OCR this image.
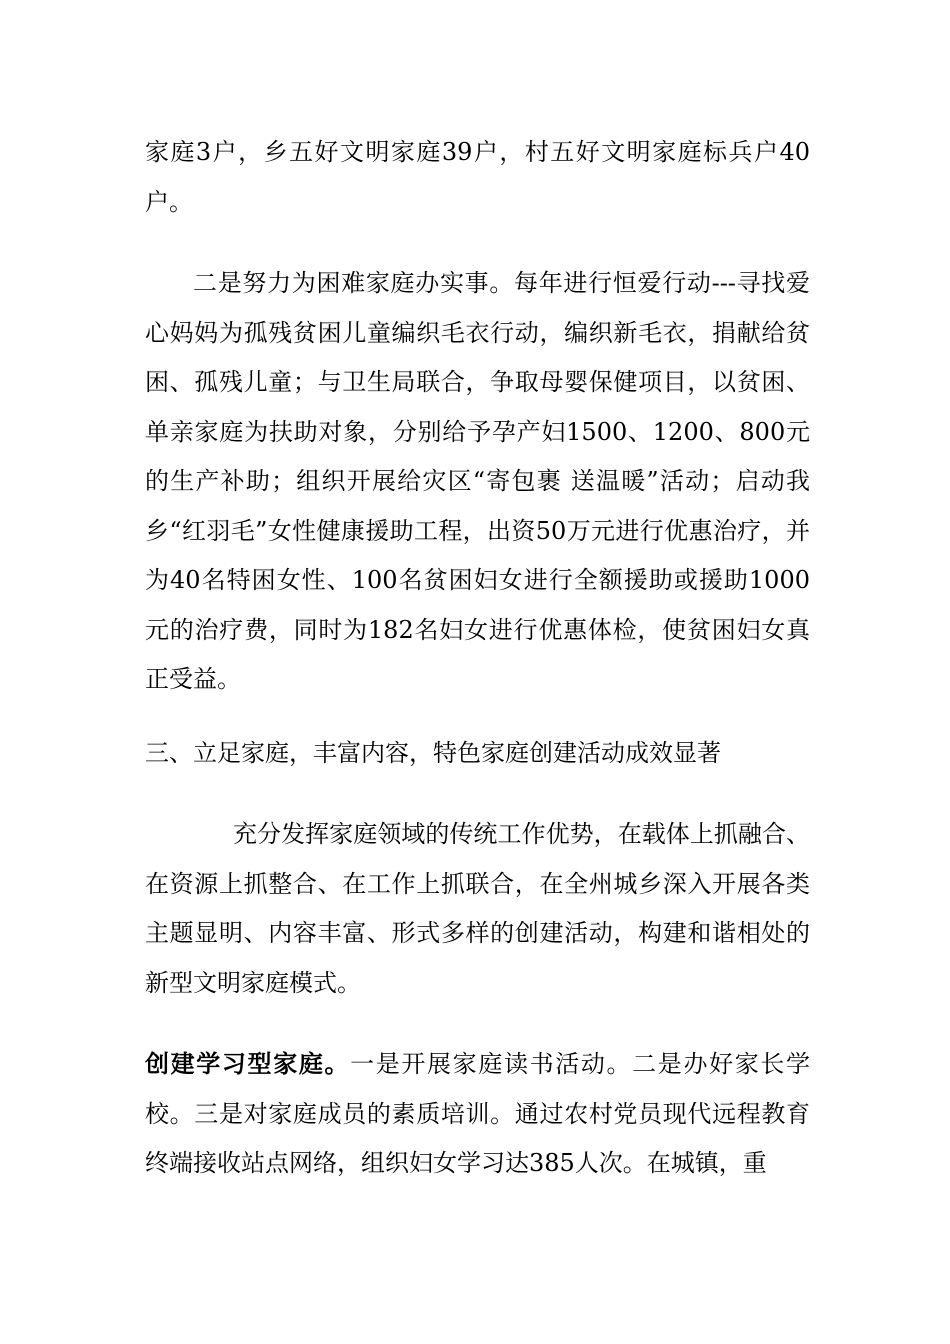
家庭3户，乡五好文明家庭39户，村五好文明家庭标兵户40户。

二是努力为困难家庭办实事。每年进行恒爱行动---寻找爱心妈妈为孤残贫困儿童编织毛衣行动，编织新毛衣，捐献给贫困、孤残儿童；与卫生局联合，争取母婴保健项目，以贫困、单亲家庭为扶助对象，分别给予孕产妇1500、1200、800元的生产补助；组织开展给灾区“寄包裹 送温暖”活动；启动我乡“红羽毛”女性健康援助工程，出资50万元进行优惠治疗，并为40名特困女性、100名贫困妇女进行全额援助或援助1000元的治疗费，同时为182名妇女进行优惠体检，使贫困妇女真正受益。

三、立足家庭，丰富内容，特色家庭创建活动成效显著

充分发挥家庭领域的传统工作优势，在载体上抓融合、在资源上抓整合、在工作上抓联合，在全州城乡深入开展各类主题显明、内容丰富、形式多样的创建活动，构建和谐相处的新型文明家庭模式。

创建学习型家庭。一是开展家庭读书活动。二是办好家长学校。三是对家庭成员的素质培训。通过农村党员现代远程教育终端接收站点网络，组织妇女学习达385人次。在城镇，重
